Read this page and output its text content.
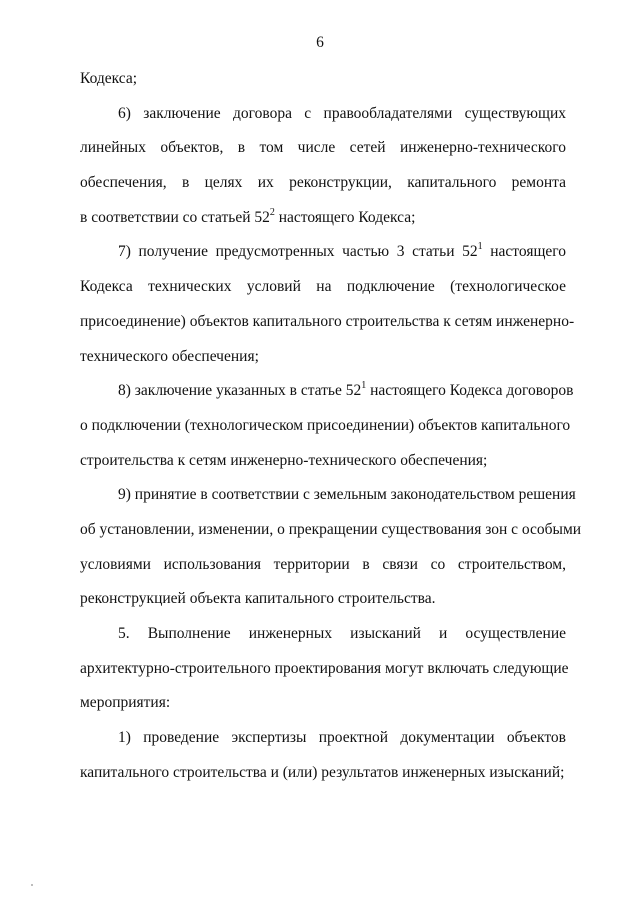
6
Кодекса;
6) заключение договора с правообладателями существующих
линейных объектов, в том числе сетей инженерно-технического
обеспечения, в целях их реконструкции, капитального ремонта
в соответствии со статьей $52^2$ настоящего Кодекса;
7) получение предусмотренных частью 3 статьи $52^1$ настоящего
Кодекса технических условий на подключение (технологическое
присоединение) объектов капитального строительства к сетям инженерно-
технического обеспечения;
8) заключение указанных в статье $52^1$ настоящего Кодекса договоров
о подключении (технологическом присоединении) объектов капитального
строительства к сетям инженерно-технического обеспечения;
9) принятие в соответствии с земельным законодательством решения
об установлении, изменении, о прекращении существования зон с особыми
условиями использования территории в связи со строительством,
реконструкцией объекта капитального строительства.
5. Выполнение инженерных изысканий и осуществление
архитектурно-строительного проектирования могут включать следующие
мероприятия:
1) проведение экспертизы проектной документации объектов
капитального строительства и (или) результатов инженерных изысканий;
